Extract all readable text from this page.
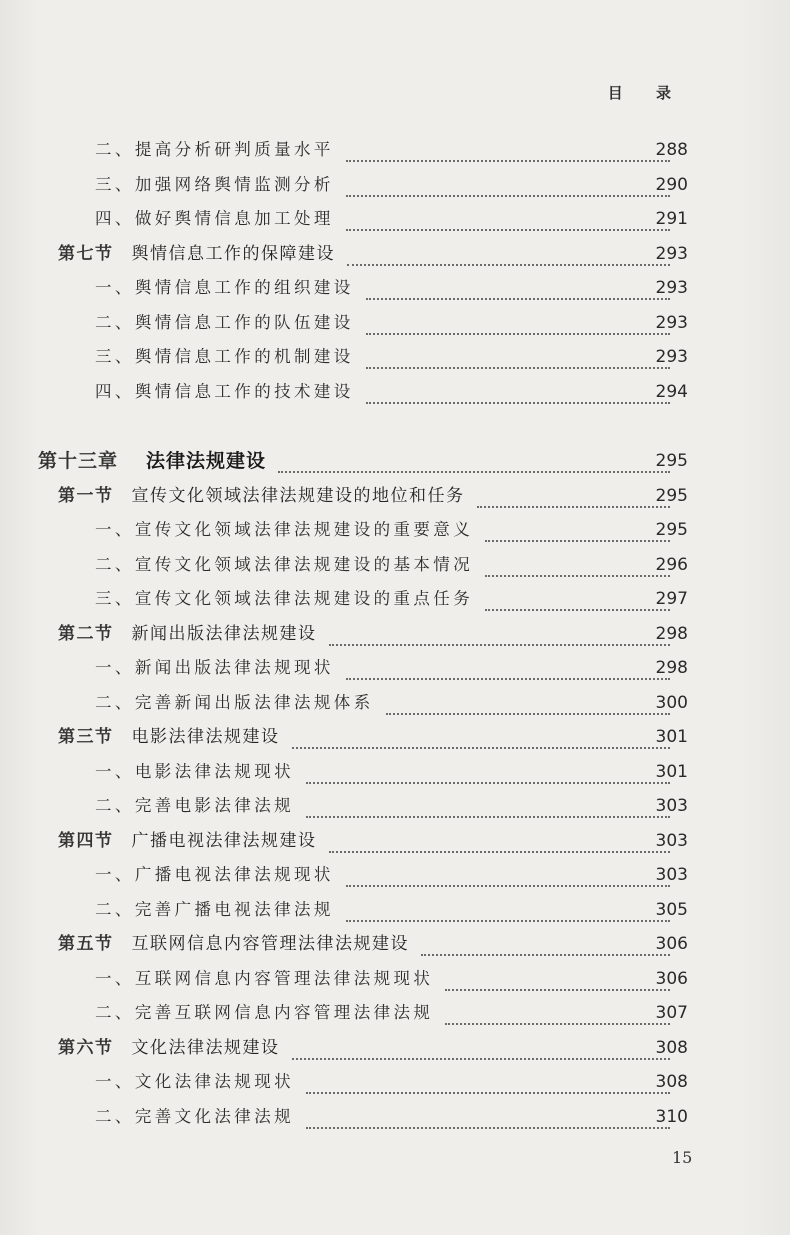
目 录
二、提高分析研判质量水平	288
三、加强网络舆情监测分析	290
四、做好舆情信息加工处理	291
第七节 舆情信息工作的保障建设	293
一、舆情信息工作的组织建设	293
二、舆情信息工作的队伍建设	293
三、舆情信息工作的机制建设	293
四、舆情信息工作的技术建设	294
第十三章 法律法规建设	295
第一节 宣传文化领域法律法规建设的地位和任务	295
一、宣传文化领域法律法规建设的重要意义	295
二、宣传文化领域法律法规建设的基本情况	296
三、宣传文化领域法律法规建设的重点任务	297
第二节 新闻出版法律法规建设	298
一、新闻出版法律法规现状	298
二、完善新闻出版法律法规体系	300
第三节 电影法律法规建设	301
一、电影法律法规现状	301
二、完善电影法律法规	303
第四节 广播电视法律法规建设	303
一、广播电视法律法规现状	303
二、完善广播电视法律法规	305
第五节 互联网信息内容管理法律法规建设	306
一、互联网信息内容管理法律法规现状	306
二、完善互联网信息内容管理法律法规	307
第六节 文化法律法规建设	308
一、文化法律法规现状	308
二、完善文化法律法规	310
15
